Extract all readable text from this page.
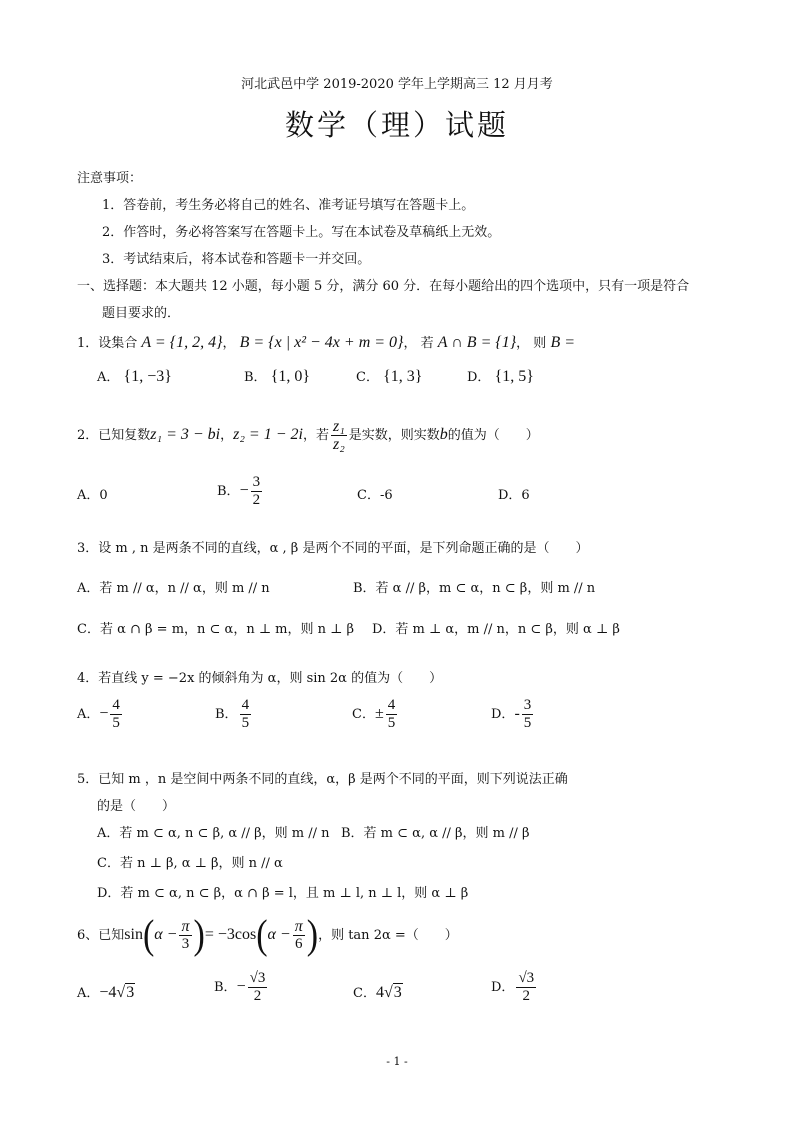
河北武邑中学 2019-2020 学年上学期高三 12 月月考
数学（理）试题
注意事项：
1．答卷前，考生务必将自己的姓名、准考证号填写在答题卡上。
2．作答时，务必将答案写在答题卡上。写在本试卷及草稿纸上无效。
3．考试结束后，将本试卷和答题卡一并交回。
一、选择题：本大题共 12 小题，每小题 5 分，满分 60 分．在每小题给出的四个选项中，只有一项是符合
题目要求的．
1．设集合 A = {1, 2, 4}， B = {x | x² − 4x + m = 0}， 若 A ∩ B = {1}， 则 B =
A． {1, −3}	B． {1, 0}	C． {1, 3}	D． {1, 5}
2．已知复数z₁ = 3 − bi，z₂ = 1 − 2i，若 $\frac{\text{z₁}}{\text{z₂}}$ 是实数，则实数b的值为（　　）
A．0	B．− $\frac{3}{2}$	C．-6	D．6
3．设 m , n 是两条不同的直线，α , β 是两个不同的平面，是下列命题正确的是（　　）
A．若 m // α，n // α，则 m // n	B．若 α // β，m ⊂ α，n ⊂ β，则 m // n
C．若 α ∩ β = m，n ⊂ α，n ⊥ m，则 n ⊥ β D．若 m ⊥ α，m // n，n ⊂ β，则 α ⊥ β
4．若直线 y = −2x 的倾斜角为 α，则 sin 2α 的值为（　　）
A．− $\frac{4}{5}$	B． $\frac{4}{5}$	C．± $\frac{4}{5}$	D．- $\frac{3}{5}$
5．已知 m ，n 是空间中两条不同的直线，α，β 是两个不同的平面，则下列说法正确
的是（　　）
A．若 m ⊂ α, n ⊂ β, α // β，则 m // n B．若 m ⊂ α, α // β，则 m // β
C．若 n ⊥ β, α ⊥ β，则 n // α
D．若 m ⊂ α, n ⊂ β，α ∩ β = l，且 m ⊥ l, n ⊥ l，则 α ⊥ β
6、已知$\sin(\alpha - \frac{\pi}{3}$ )= $-3\cos(\alpha - \frac{\pi}{6}$ )，则 tan 2α =（　　）
A．−4√3	B．− $\frac{√3}{2}$	C．4√3	D． $\frac{√3}{2}$
- 1 -
